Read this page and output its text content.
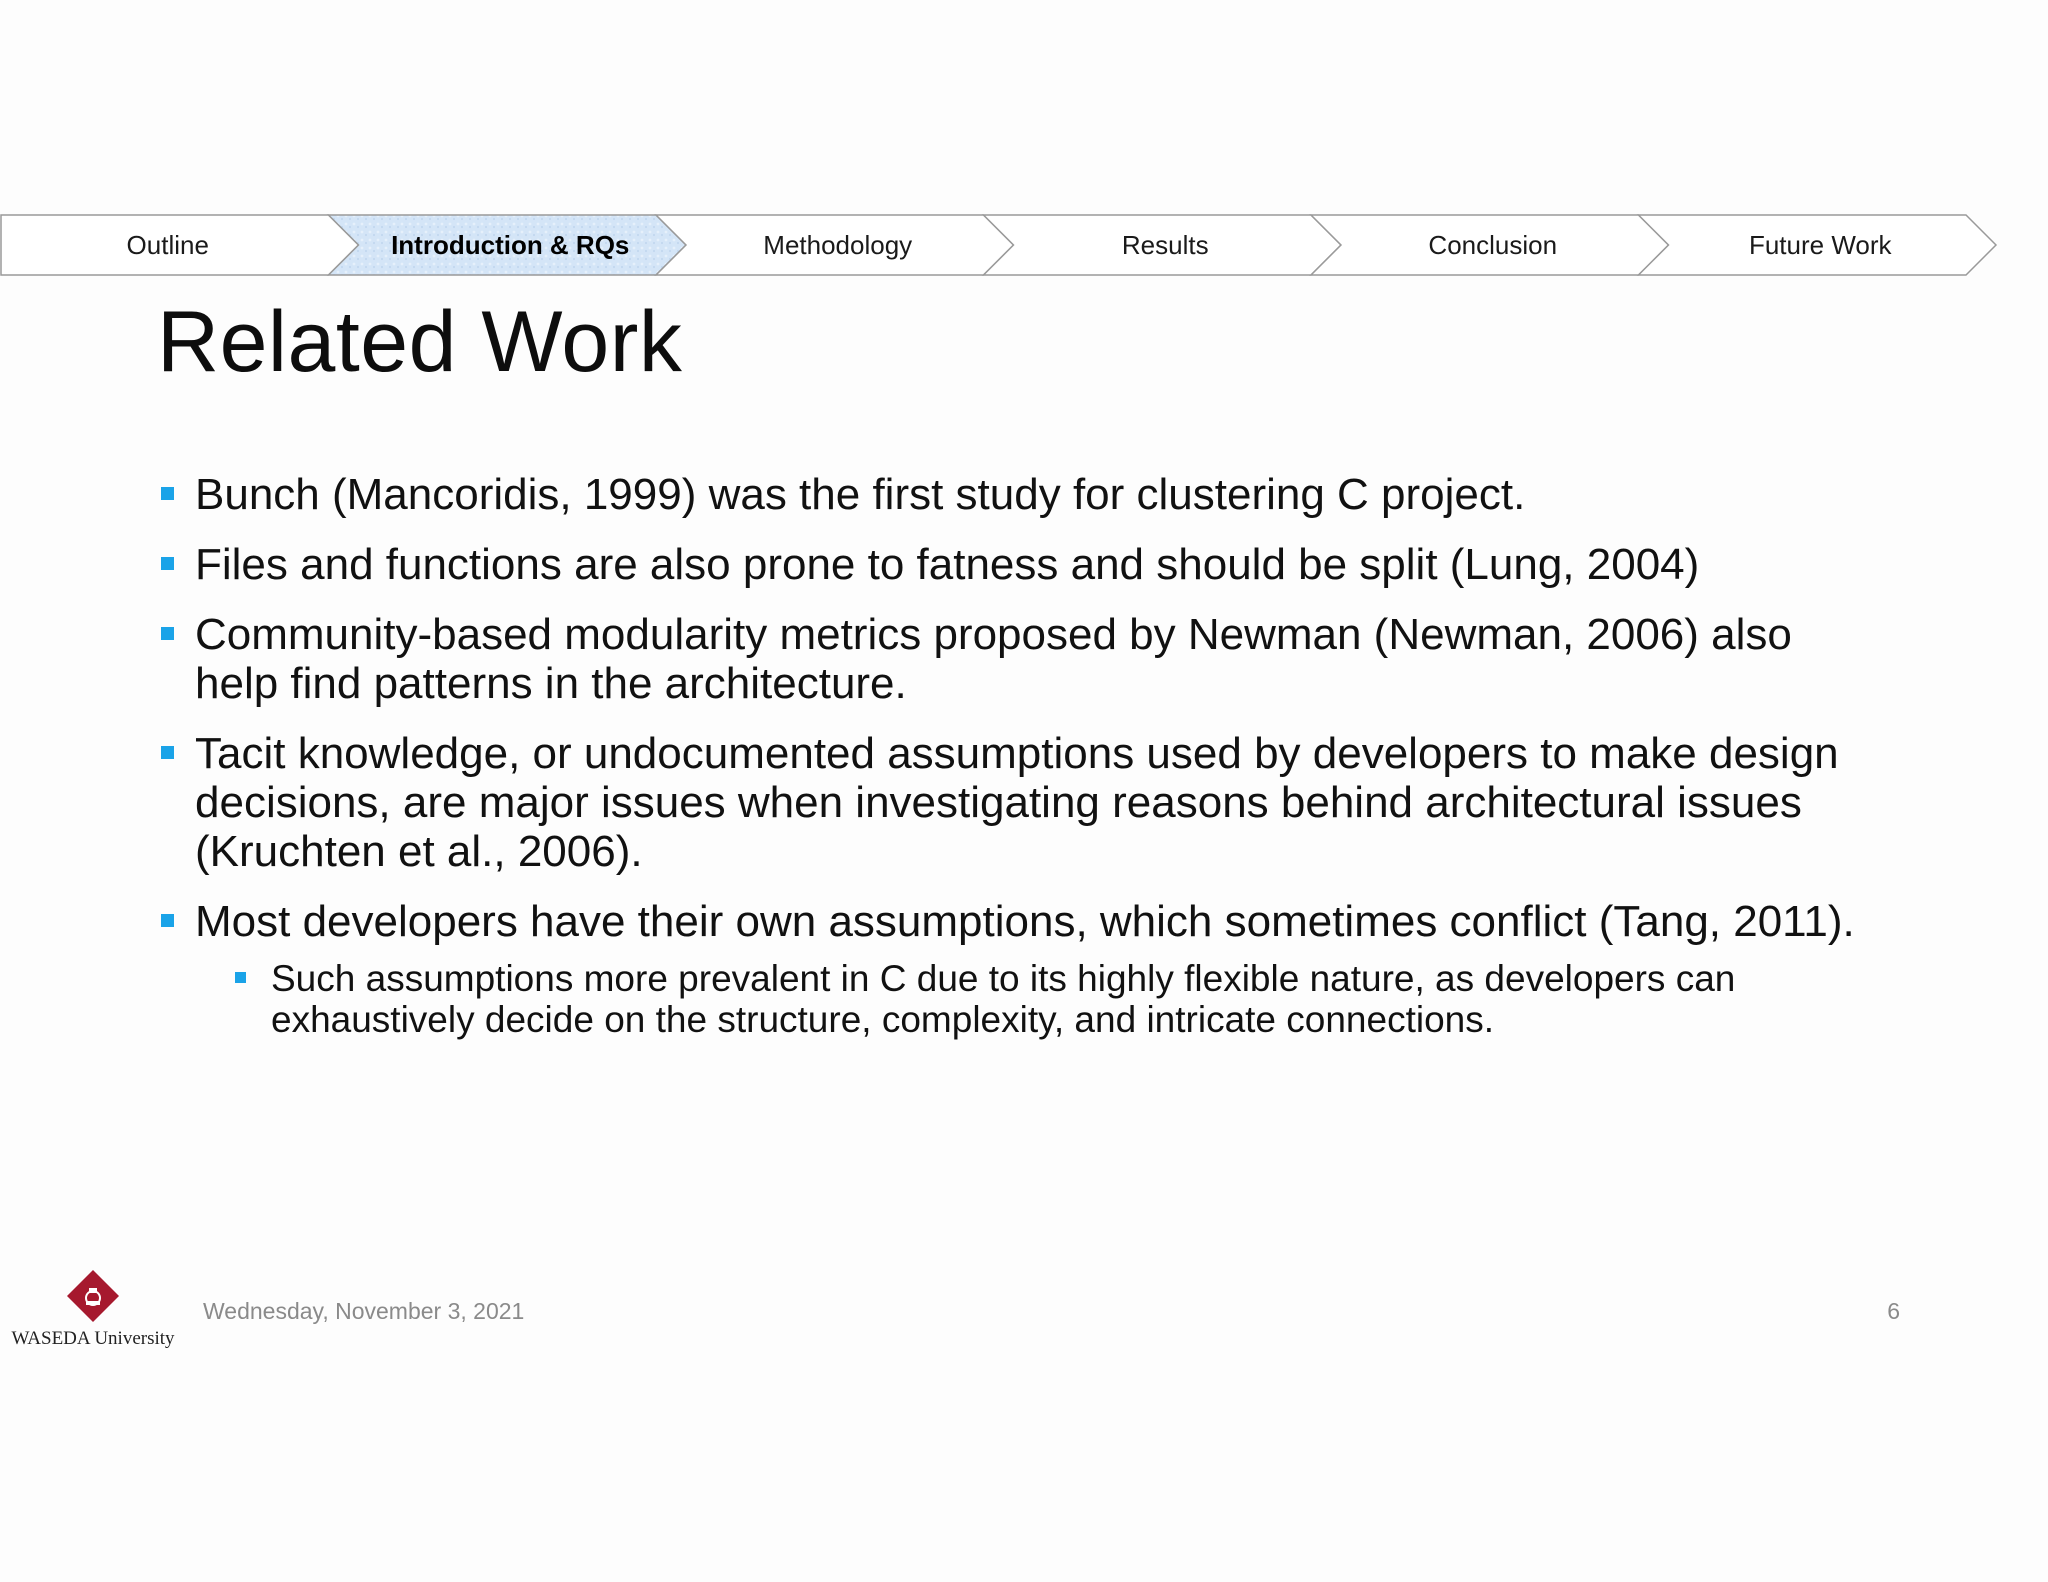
Outline	Introduction & RQs	Methodology	Results	Conclusion	Future Work
Related Work
Bunch (Mancoridis, 1999) was the first study for clustering C project.
Files and functions are also prone to fatness and should be split (Lung, 2004)
Community-based modularity metrics proposed by Newman (Newman, 2006) also help find patterns in the architecture.
Tacit knowledge, or undocumented assumptions used by developers to make design decisions, are major issues when investigating reasons behind architectural issues (Kruchten et al., 2006).
Most developers have their own assumptions, which sometimes conflict (Tang, 2011).
Such assumptions more prevalent in C due to its highly flexible nature, as developers can exhaustively decide on the structure, complexity, and intricate connections.
WASEDA University
Wednesday, November 3, 2021	6
